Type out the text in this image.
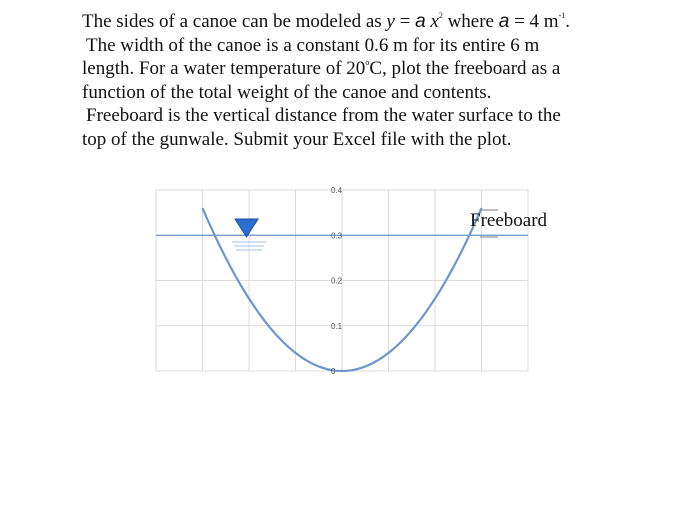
The sides of a canoe can be modeled as y = a $x^2$ where a = 4 $m^{-1}$.
The width of the canoe is a constant 0.6 m for its entire 6 m
length. For a water temperature of 20$^o$C, plot the freeboard as a
function of the total weight of the canoe and contents.
Freeboard is the vertical distance from the water surface to the
top of the gunwale. Submit your Excel file with the plot.
0
0.1
0.2
0.3
0.4
Freeboard
